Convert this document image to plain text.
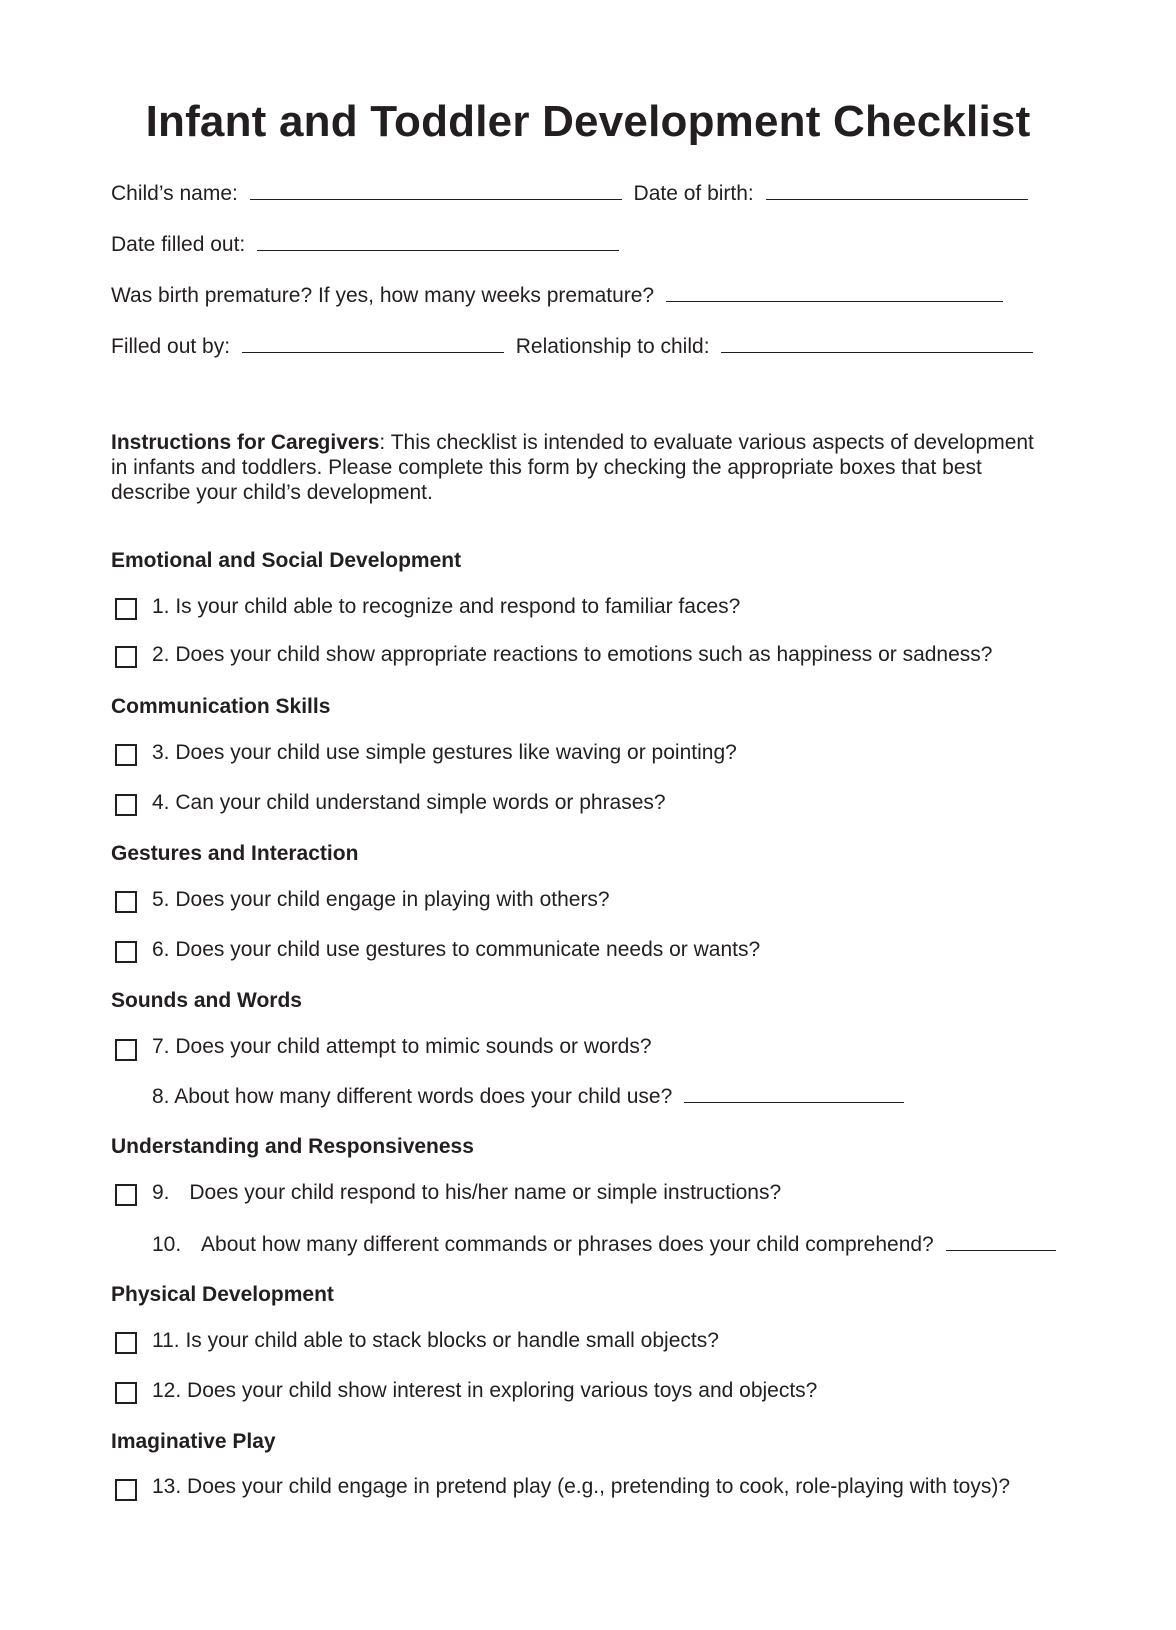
Infant and Toddler Development Checklist
Child’s name:	Date of birth:
Date filled out:
Was birth premature? If yes, how many weeks premature?
Filled out by:	Relationship to child:
Instructions for Caregivers: This checklist is intended to evaluate various aspects of development in infants and toddlers. Please complete this form by checking the appropriate boxes that best describe your child’s development.
Emotional and Social Development
1. Is your child able to recognize and respond to familiar faces?
2. Does your child show appropriate reactions to emotions such as happiness or sadness?
Communication Skills
3. Does your child use simple gestures like waving or pointing?
4. Can your child understand simple words or phrases?
Gestures and Interaction
5. Does your child engage in playing with others?
6. Does your child use gestures to communicate needs or wants?
Sounds and Words
7. Does your child attempt to mimic sounds or words?
8. About how many different words does your child use?
Understanding and Responsiveness
9. Does your child respond to his/her name or simple instructions?
10. About how many different commands or phrases does your child comprehend?
Physical Development
11. Is your child able to stack blocks or handle small objects?
12. Does your child show interest in exploring various toys and objects?
Imaginative Play
13. Does your child engage in pretend play (e.g., pretending to cook, role-playing with toys)?
